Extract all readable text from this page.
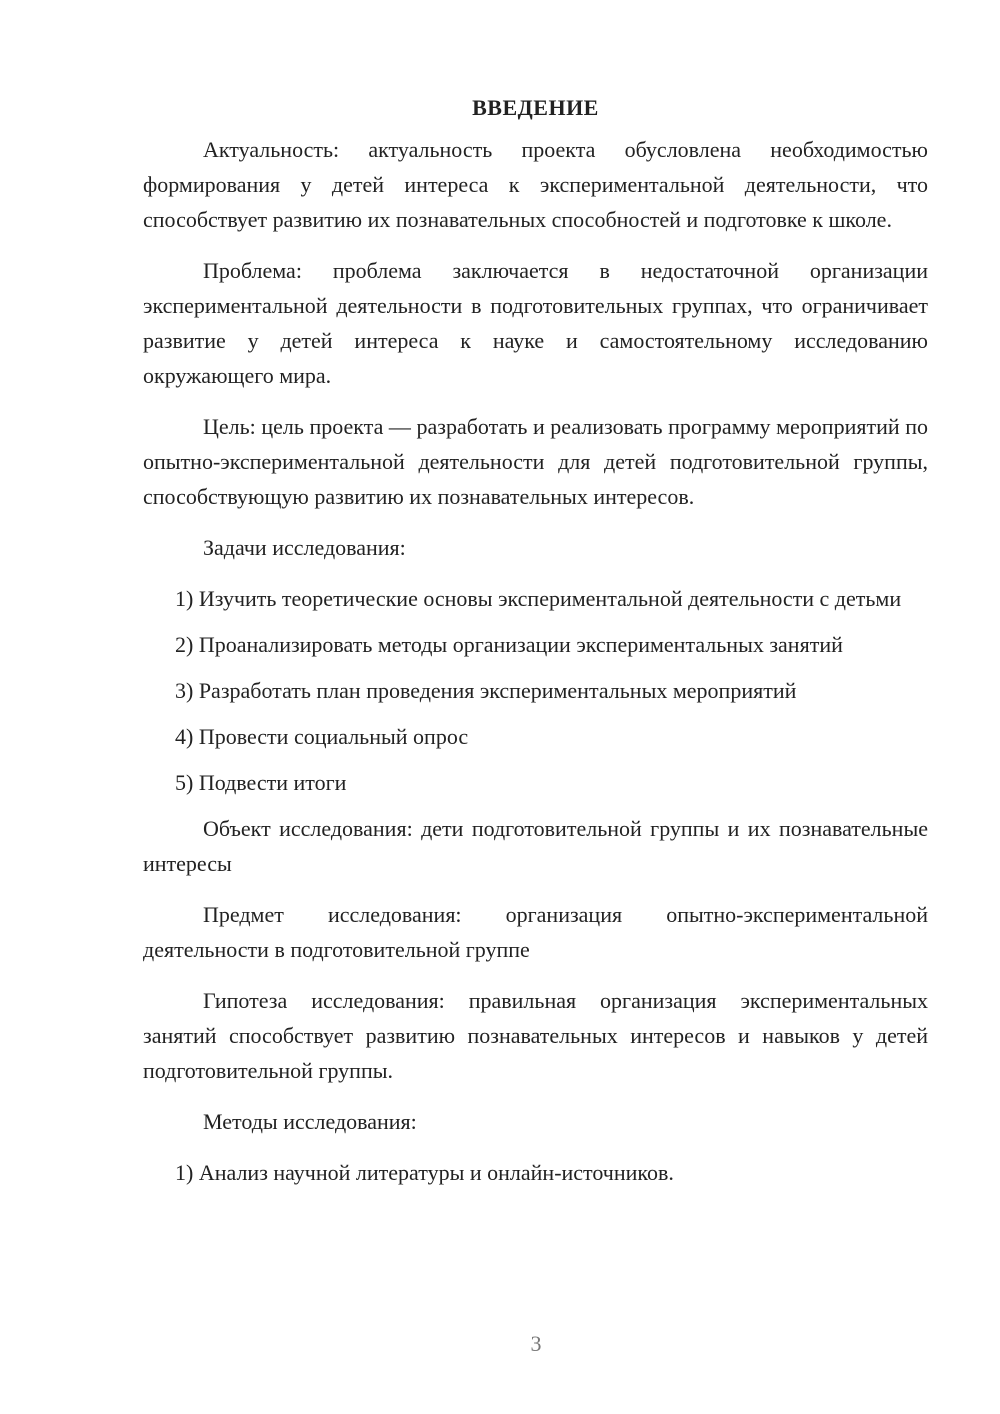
ВВЕДЕНИЕ

Актуальность: актуальность проекта обусловлена необходимостью формирования у детей интереса к экспериментальной деятельности, что способствует развитию их познавательных способностей и подготовке к школе.

Проблема: проблема заключается в недостаточной организации экспериментальной деятельности в подготовительных группах, что ограничивает развитие у детей интереса к науке и самостоятельному исследованию окружающего мира.

Цель: цель проекта — разработать и реализовать программу мероприятий по опытно-экспериментальной деятельности для детей подготовительной группы, способствующую развитию их познавательных интересов.

Задачи исследования:

1) Изучить теоретические основы экспериментальной деятельности с детьми

2) Проанализировать методы организации экспериментальных занятий

3) Разработать план проведения экспериментальных мероприятий

4) Провести социальный опрос

5) Подвести итоги

Объект исследования: дети подготовительной группы и их познавательные интересы

Предмет исследования: организация опытно-экспериментальной деятельности в подготовительной группе

Гипотеза исследования: правильная организация экспериментальных занятий способствует развитию познавательных интересов и навыков у детей подготовительной группы.

Методы исследования:

1) Анализ научной литературы и онлайн-источников.

3
